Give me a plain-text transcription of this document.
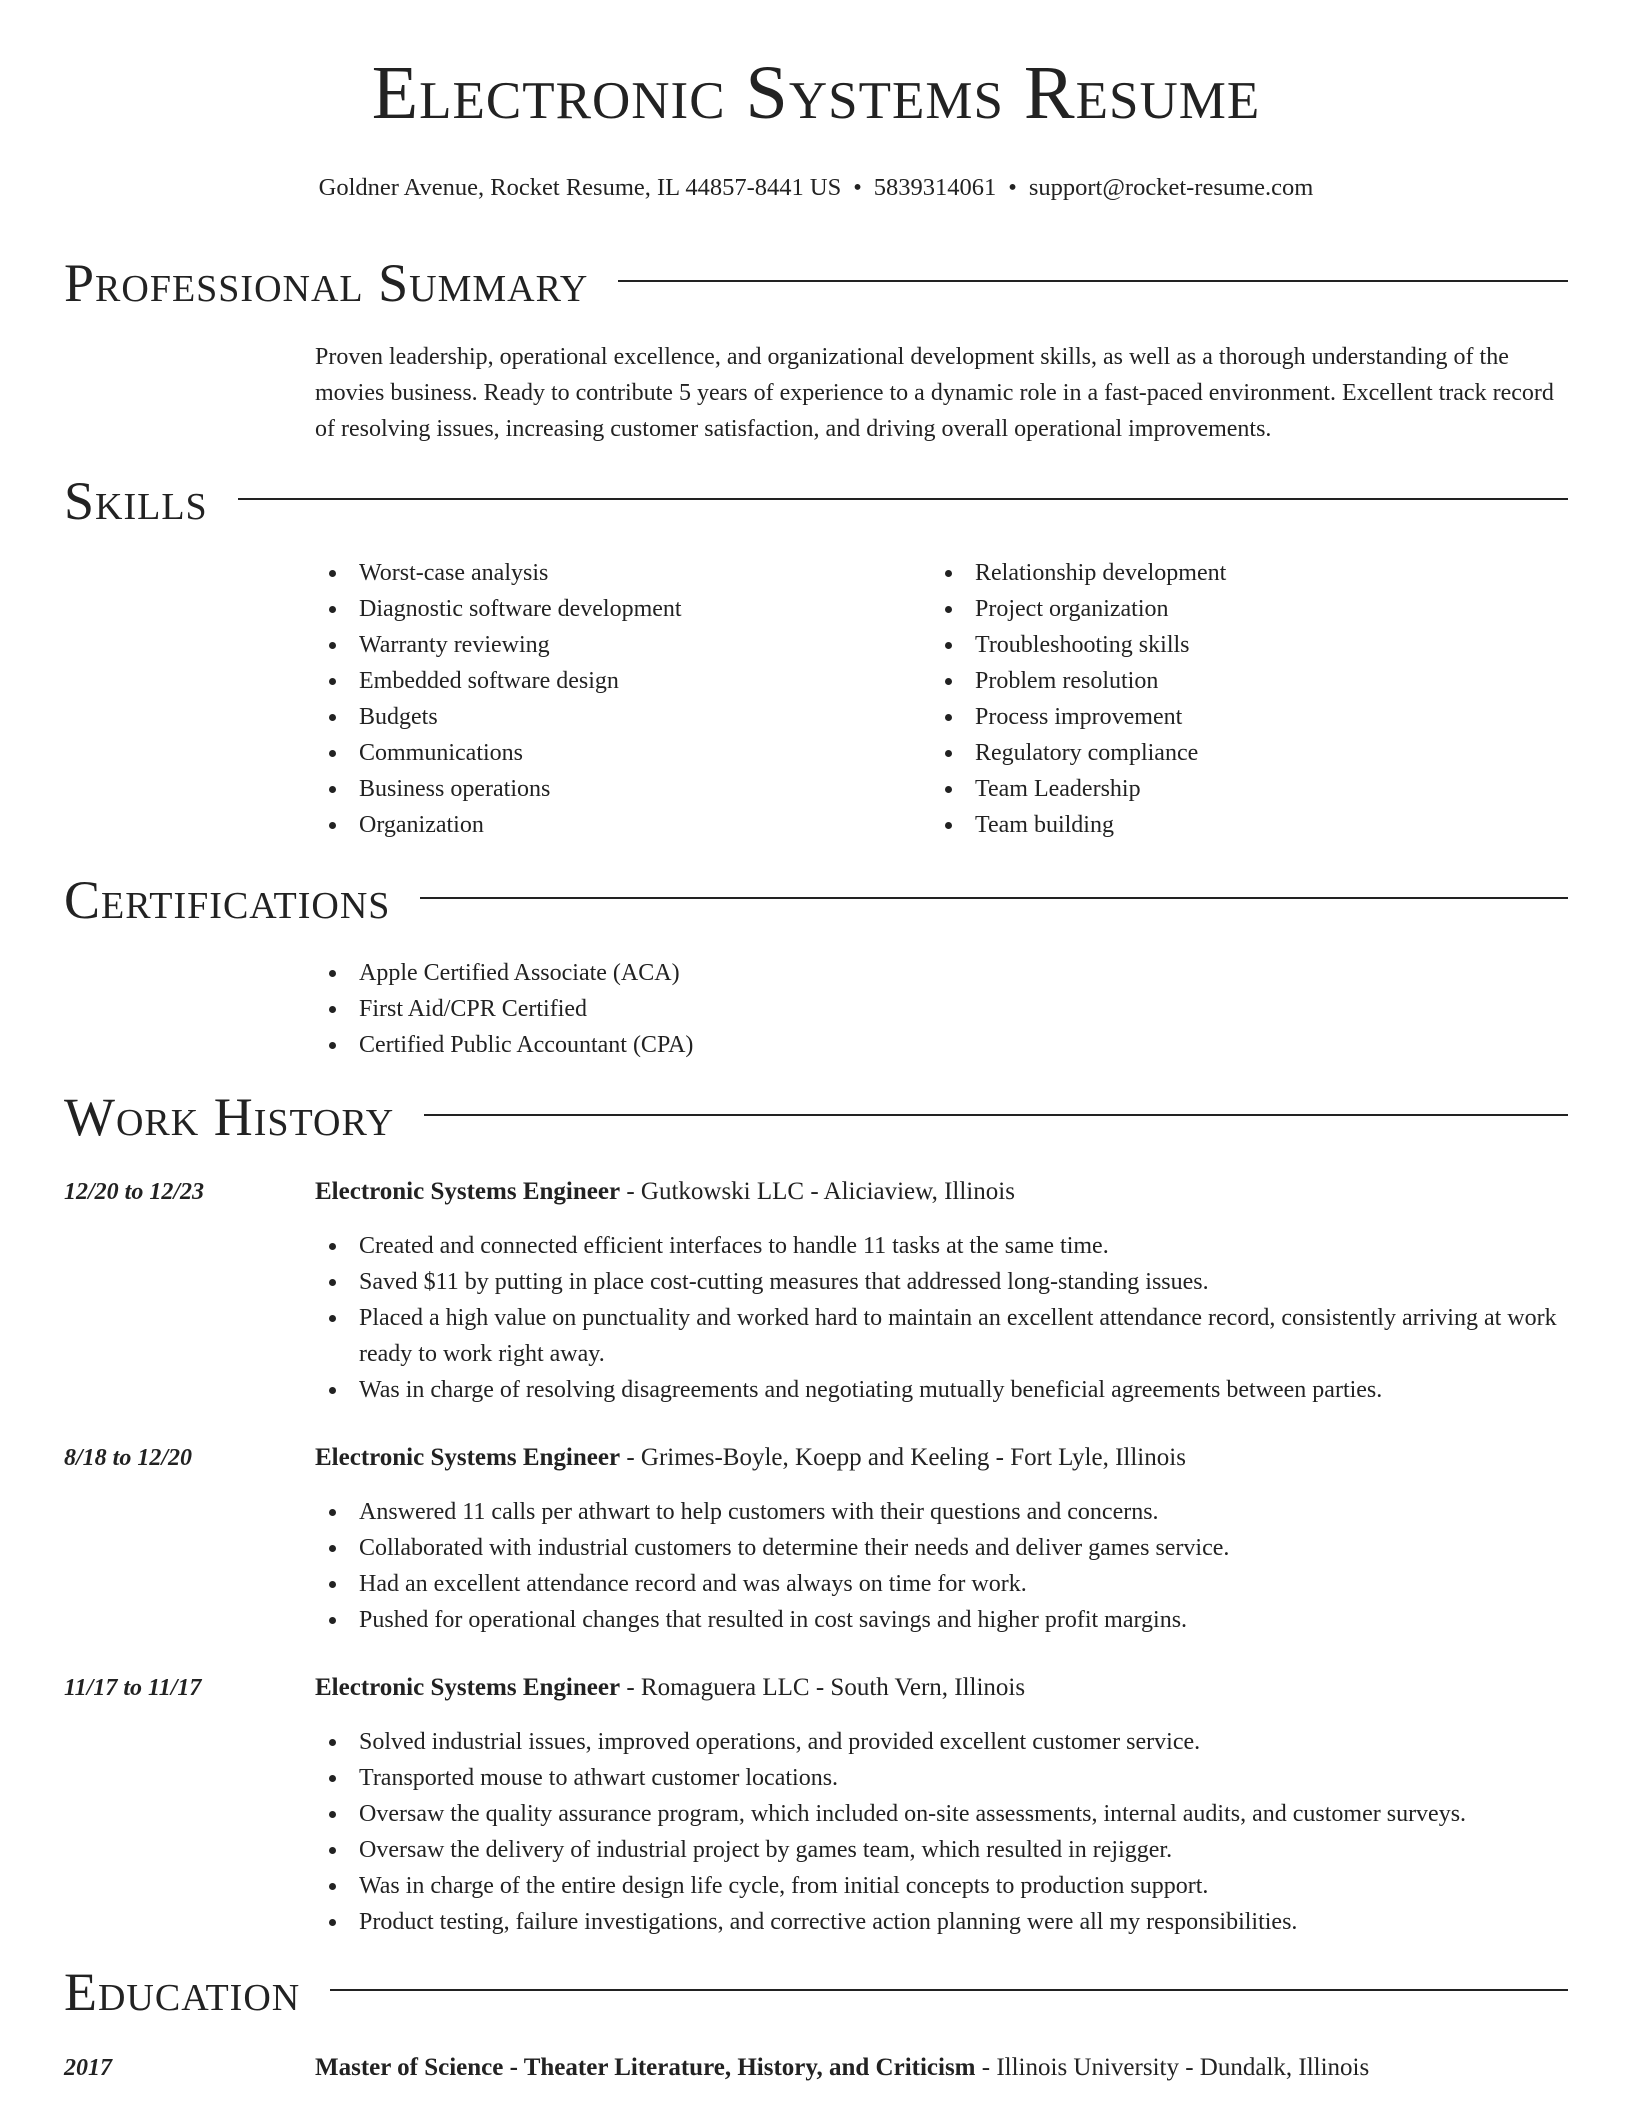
Electronic Systems Resume
Goldner Avenue, Rocket Resume, IL 44857-8441 US • 5839314061 • support@rocket-resume.com
Professional Summary
Proven leadership, operational excellence, and organizational development skills, as well as a thorough understanding of the movies business. Ready to contribute 5 years of experience to a dynamic role in a fast-paced environment. Excellent track record of resolving issues, increasing customer satisfaction, and driving overall operational improvements.
Skills
Worst-case analysis
Diagnostic software development
Warranty reviewing
Embedded software design
Budgets
Communications
Business operations
Organization
Relationship development
Project organization
Troubleshooting skills
Problem resolution
Process improvement
Regulatory compliance
Team Leadership
Team building
Certifications
Apple Certified Associate (ACA)
First Aid/CPR Certified
Certified Public Accountant (CPA)
Work History
12/20 to 12/23	Electronic Systems Engineer - Gutkowski LLC - Aliciaview, Illinois
Created and connected efficient interfaces to handle 11 tasks at the same time.
Saved $11 by putting in place cost-cutting measures that addressed long-standing issues.
Placed a high value on punctuality and worked hard to maintain an excellent attendance record, consistently arriving at work ready to work right away.
Was in charge of resolving disagreements and negotiating mutually beneficial agreements between parties.
8/18 to 12/20	Electronic Systems Engineer - Grimes-Boyle, Koepp and Keeling - Fort Lyle, Illinois
Answered 11 calls per athwart to help customers with their questions and concerns.
Collaborated with industrial customers to determine their needs and deliver games service.
Had an excellent attendance record and was always on time for work.
Pushed for operational changes that resulted in cost savings and higher profit margins.
11/17 to 11/17	Electronic Systems Engineer - Romaguera LLC - South Vern, Illinois
Solved industrial issues, improved operations, and provided excellent customer service.
Transported mouse to athwart customer locations.
Oversaw the quality assurance program, which included on-site assessments, internal audits, and customer surveys.
Oversaw the delivery of industrial project by games team, which resulted in rejigger.
Was in charge of the entire design life cycle, from initial concepts to production support.
Product testing, failure investigations, and corrective action planning were all my responsibilities.
Education
2017	Master of Science - Theater Literature, History, and Criticism - Illinois University - Dundalk, Illinois
